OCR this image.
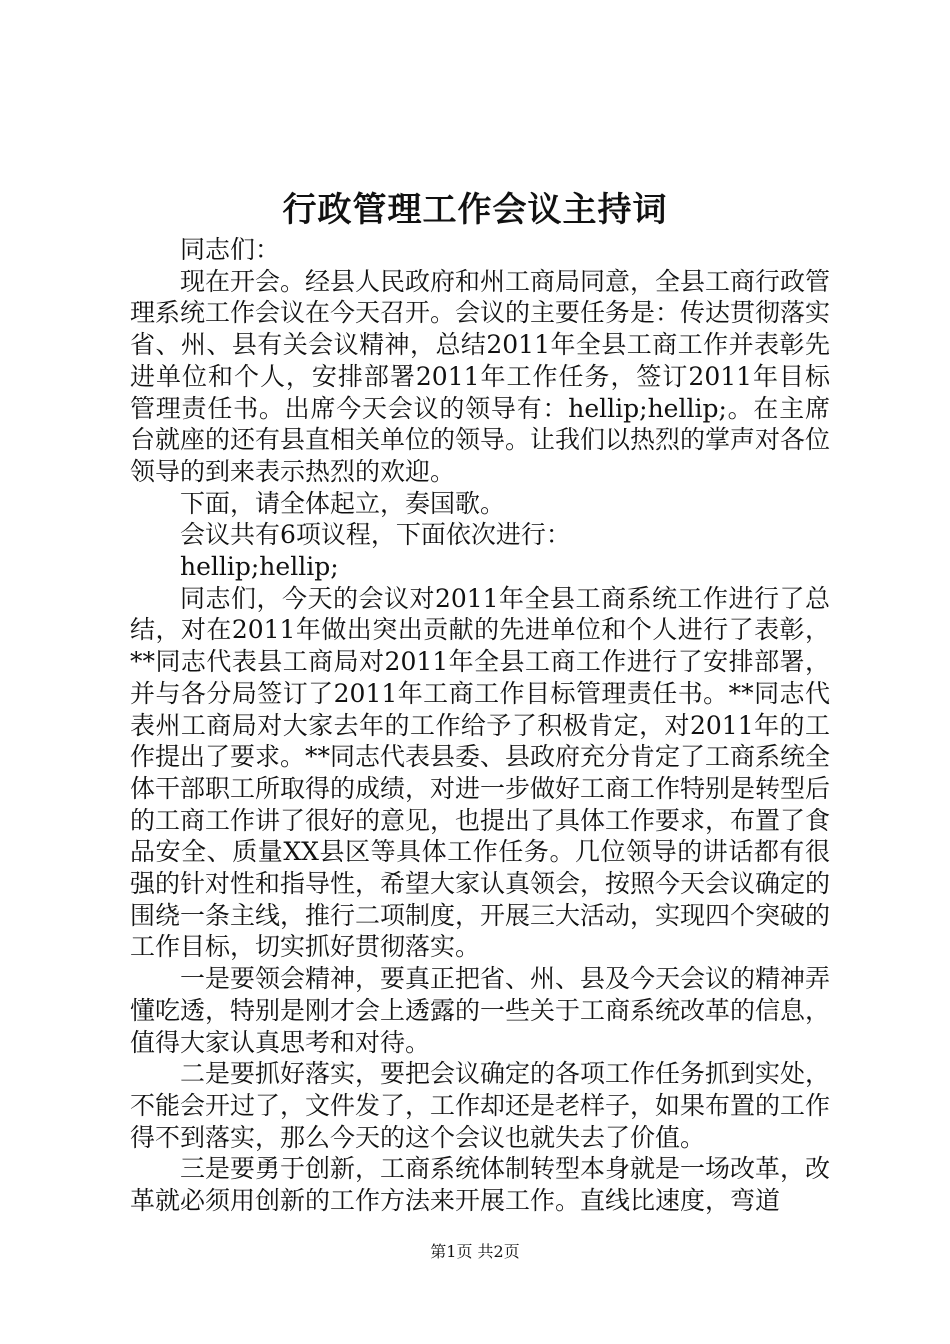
行政管理工作会议主持词

同志们：

现在开会。经县人民政府和州工商局同意，全县工商行政管理系统工作会议在今天召开。会议的主要任务是：传达贯彻落实省、州、县有关会议精神，总结2011年全县工商工作并表彰先进单位和个人，安排部署2011年工作任务，签订2011年目标管理责任书。出席今天会议的领导有：hellip;hellip;。在主席台就座的还有县直相关单位的领导。让我们以热烈的掌声对各位领导的到来表示热烈的欢迎。

下面，请全体起立，奏国歌。

会议共有6项议程，下面依次进行：

hellip;hellip;

同志们，今天的会议对2011年全县工商系统工作进行了总结，对在2011年做出突出贡献的先进单位和个人进行了表彰，**同志代表县工商局对2011年全县工商工作进行了安排部署，并与各分局签订了2011年工商工作目标管理责任书。**同志代表州工商局对大家去年的工作给予了积极肯定，对2011年的工作提出了要求。**同志代表县委、县政府充分肯定了工商系统全体干部职工所取得的成绩，对进一步做好工商工作特别是转型后的工商工作讲了很好的意见，也提出了具体工作要求，布置了食品安全、质量XX县区等具体工作任务。几位领导的讲话都有很强的针对性和指导性，希望大家认真领会，按照今天会议确定的围绕一条主线，推行二项制度，开展三大活动，实现四个突破的工作目标，切实抓好贯彻落实。

一是要领会精神，要真正把省、州、县及今天会议的精神弄懂吃透，特别是刚才会上透露的一些关于工商系统改革的信息，值得大家认真思考和对待。

二是要抓好落实，要把会议确定的各项工作任务抓到实处，不能会开过了，文件发了，工作却还是老样子，如果布置的工作得不到落实，那么今天的这个会议也就失去了价值。

三是要勇于创新，工商系统体制转型本身就是一场改革，改革就必须用创新的工作方法来开展工作。直线比速度，弯道

第1页 共2页
